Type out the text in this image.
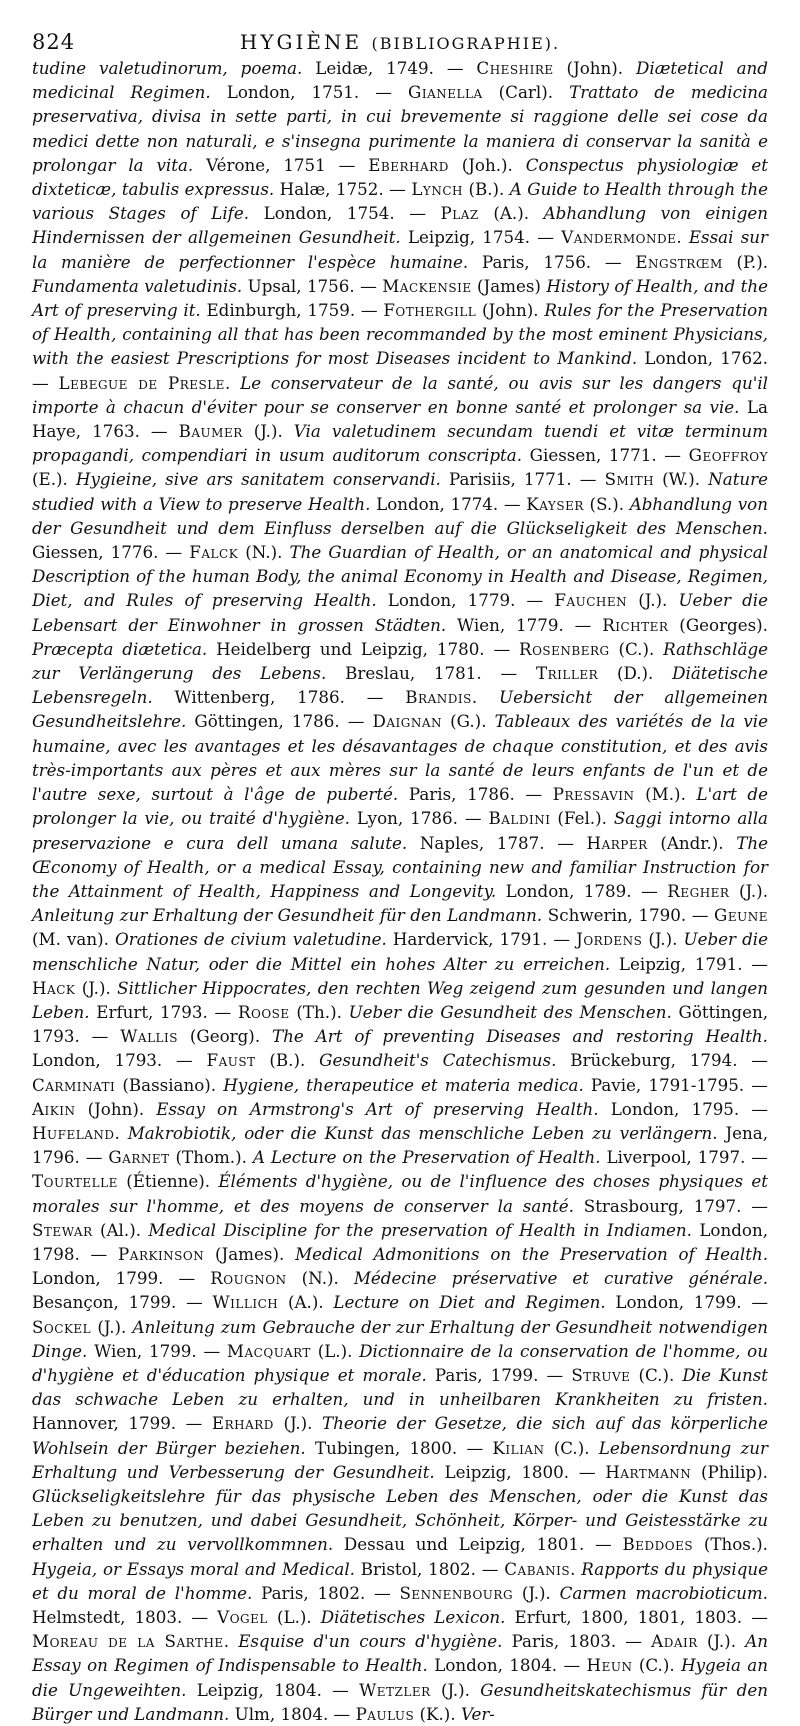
824	HYGIÈNE (BIBLIOGRAPHIE).
tudine valetudinorum, poema. Leidæ, 1749. — Cheshire (John). Diætetical and medicinal Regimen. London, 1751. — Gianella (Carl). Trattato de medicina preservativa, divisa in sette parti, in cui brevemente si raggione delle sei cose da medici dette non naturali, e s'insegna purimente la maniera di conservar la sanità e prolongar la vita. Vérone, 1751 — Eberhard (Joh.). Conspectus physiologiæ et dixteticæ, tabulis expressus. Halæ, 1752. — Lynch (B.). A Guide to Health through the various Stages of Life. London, 1754. — Plaz (A.). Abhandlung von einigen Hindernissen der allgemeinen Gesundheit. Leipzig, 1754. — Vandermonde. Essai sur la manière de perfectionner l'espèce humaine. Paris, 1756. — Engstrœm (P.). Fundamenta valetudinis. Upsal, 1756. — Mackensie (James) History of Health, and the Art of preserving it. Edinburgh, 1759. — Fothergill (John). Rules for the Preservation of Health, containing all that has been recommanded by the most eminent Physicians, with the easiest Prescriptions for most Diseases incident to Mankind. London, 1762. — Lebegue de Presle. Le conservateur de la santé, ou avis sur les dangers qu'il importe à chacun d'éviter pour se conserver en bonne santé et prolonger sa vie. La Haye, 1763. — Baumer (J.). Via valetudinem secundam tuendi et vitæ terminum propagandi, compendiari in usum auditorum conscripta. Giessen, 1771. — Geoffroy (E.). Hygieine, sive ars sanitatem conservandi. Parisiis, 1771. — Smith (W.). Nature studied with a View to preserve Health. London, 1774. — Kayser (S.). Abhandlung von der Gesundheit und dem Einfluss derselben auf die Glückseligkeit des Menschen. Giessen, 1776. — Falck (N.). The Guardian of Health, or an anatomical and physical Description of the human Body, the animal Economy in Health and Disease, Regimen, Diet, and Rules of preserving Health. London, 1779. — Fauchen (J.). Ueber die Lebensart der Einwohner in grossen Städten. Wien, 1779. — Richter (Georges). Præcepta diætetica. Heidelberg und Leipzig, 1780. — Rosenberg (C.). Rathschläge zur Verlängerung des Lebens. Breslau, 1781. — Triller (D.). Diätetische Lebensregeln. Wittenberg, 1786. — Brandis. Uebersicht der allgemeinen Gesundheitslehre. Göttingen, 1786. — Daignan (G.). Tableaux des variétés de la vie humaine, avec les avantages et les désavantages de chaque constitution, et des avis très-importants aux pères et aux mères sur la santé de leurs enfants de l'un et de l'autre sexe, surtout à l'âge de puberté. Paris, 1786. — Pressavin (M.). L'art de prolonger la vie, ou traité d'hygiène. Lyon, 1786. — Baldini (Fel.). Saggi intorno alla preservazione e cura dell umana salute. Naples, 1787. — Harper (Andr.). The Œconomy of Health, or a medical Essay, containing new and familiar Instruction for the Attainment of Health, Happiness and Longevity. London, 1789. — Regher (J.). Anleitung zur Erhaltung der Gesundheit für den Landmann. Schwerin, 1790. — Geune (M. van). Orationes de civium valetudine. Hardervick, 1791. — Jordens (J.). Ueber die menschliche Natur, oder die Mittel ein hohes Alter zu erreichen. Leipzig, 1791. — Hack (J.). Sittlicher Hippocrates, den rechten Weg zeigend zum gesunden und langen Leben. Erfurt, 1793. — Roose (Th.). Ueber die Gesundheit des Menschen. Göttingen, 1793. — Wallis (Georg). The Art of preventing Diseases and restoring Health. London, 1793. — Faust (B.). Gesundheit's Catechismus. Brückeburg, 1794. — Carminati (Bassiano). Hygiene, therapeutice et materia medica. Pavie, 1791-1795. — Aikin (John). Essay on Armstrong's Art of preserving Health. London, 1795. — Hufeland. Makrobiotik, oder die Kunst das menschliche Leben zu verlängern. Jena, 1796. — Garnet (Thom.). A Lecture on the Preservation of Health. Liverpool, 1797. — Tourtelle (Étienne). Éléments d'hygiène, ou de l'influence des choses physiques et morales sur l'homme, et des moyens de conserver la santé. Strasbourg, 1797. — Stewar (Al.). Medical Discipline for the preservation of Health in Indiamen. London, 1798. — Parkinson (James). Medical Admonitions on the Preservation of Health. London, 1799. — Rougnon (N.). Médecine préservative et curative générale. Besançon, 1799. — Willich (A.). Lecture on Diet and Regimen. London, 1799. — Sockel (J.). Anleitung zum Gebrauche der zur Erhaltung der Gesundheit notwendigen Dinge. Wien, 1799. — Macquart (L.). Dictionnaire de la conservation de l'homme, ou d'hygiène et d'éducation physique et morale. Paris, 1799. — Struve (C.). Die Kunst das schwache Leben zu erhalten, und in unheilbaren Krankheiten zu fristen. Hannover, 1799. — Erhard (J.). Theorie der Gesetze, die sich auf das körperliche Wohlsein der Bürger beziehen. Tubingen, 1800. — Kilian (C.). Lebensordnung zur Erhaltung und Verbesserung der Gesundheit. Leipzig, 1800. — Hartmann (Philip). Glückseligkeitslehre für das physische Leben des Menschen, oder die Kunst das Leben zu benutzen, und dabei Gesundheit, Schönheit, Körper- und Geistesstärke zu erhalten und zu vervollkommnen. Dessau und Leipzig, 1801. — Beddoes (Thos.). Hygeia, or Essays moral and Medical. Bristol, 1802. — Cabanis. Rapports du physique et du moral de l'homme. Paris, 1802. — Sennenbourg (J.). Carmen macrobioticum. Helmstedt, 1803. — Vogel (L.). Diätetisches Lexicon. Erfurt, 1800, 1801, 1803. — Moreau de la Sarthe. Esquise d'un cours d'hygiène. Paris, 1803. — Adair (J.). An Essay on Regimen of Indispensable to Health. London, 1804. — Heun (C.). Hygeia an die Ungeweihten. Leipzig, 1804. — Wetzler (J.). Gesundheitskatechismus für den Bürger und Landmann. Ulm, 1804. — Paulus (K.). Ver-
